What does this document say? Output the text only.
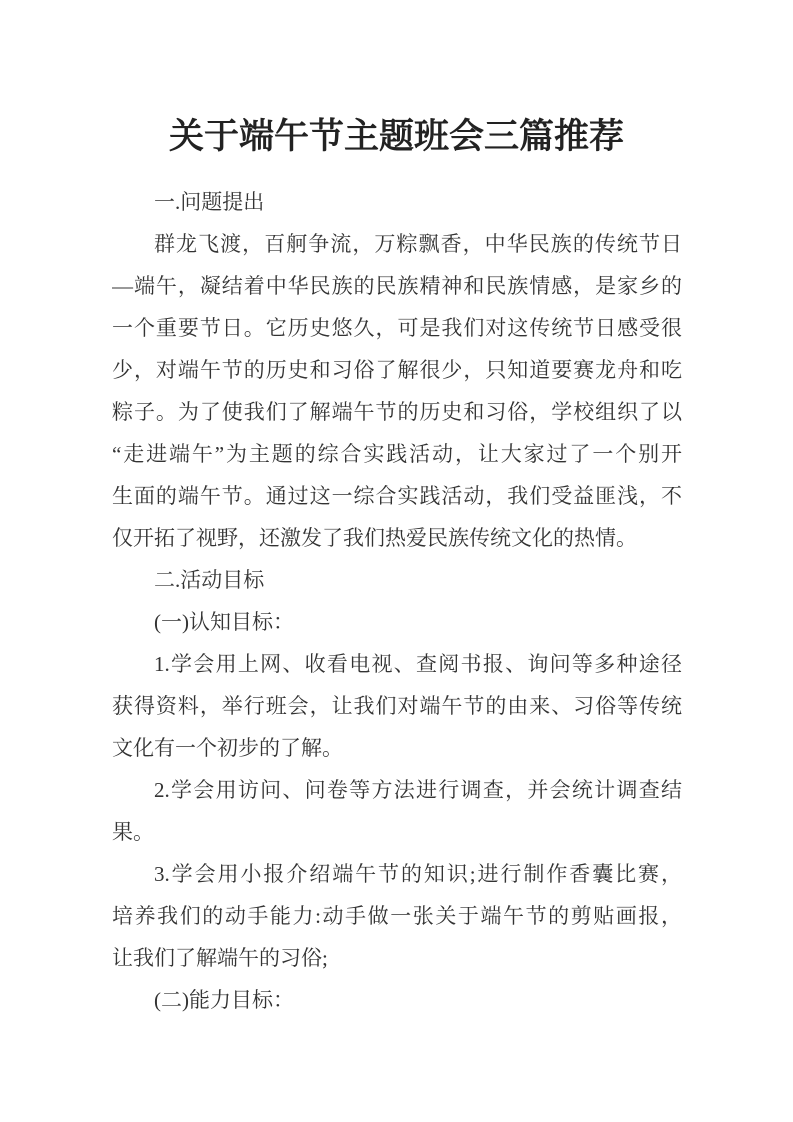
关于端午节主题班会三篇推荐
一.问题提出
群龙飞渡，百舸争流，万粽飘香，中华民族的传统节日
—端午，凝结着中华民族的民族精神和民族情感，是家乡的
一个重要节日。它历史悠久，可是我们对这传统节日感受很
少，对端午节的历史和习俗了解很少，只知道要赛龙舟和吃
粽子。为了使我们了解端午节的历史和习俗，学校组织了以
“走进端午”为主题的综合实践活动，让大家过了一个别开
生面的端午节。通过这一综合实践活动，我们受益匪浅，不
仅开拓了视野，还激发了我们热爱民族传统文化的热情。
二.活动目标
(一)认知目标：
1.学会用上网、收看电视、查阅书报、询问等多种途径
获得资料，举行班会，让我们对端午节的由来、习俗等传统
文化有一个初步的了解。
2.学会用访问、问卷等方法进行调查，并会统计调查结
果。
3.学会用小报介绍端午节的知识;进行制作香囊比赛，
培养我们的动手能力:动手做一张关于端午节的剪贴画报，
让我们了解端午的习俗;
(二)能力目标：
